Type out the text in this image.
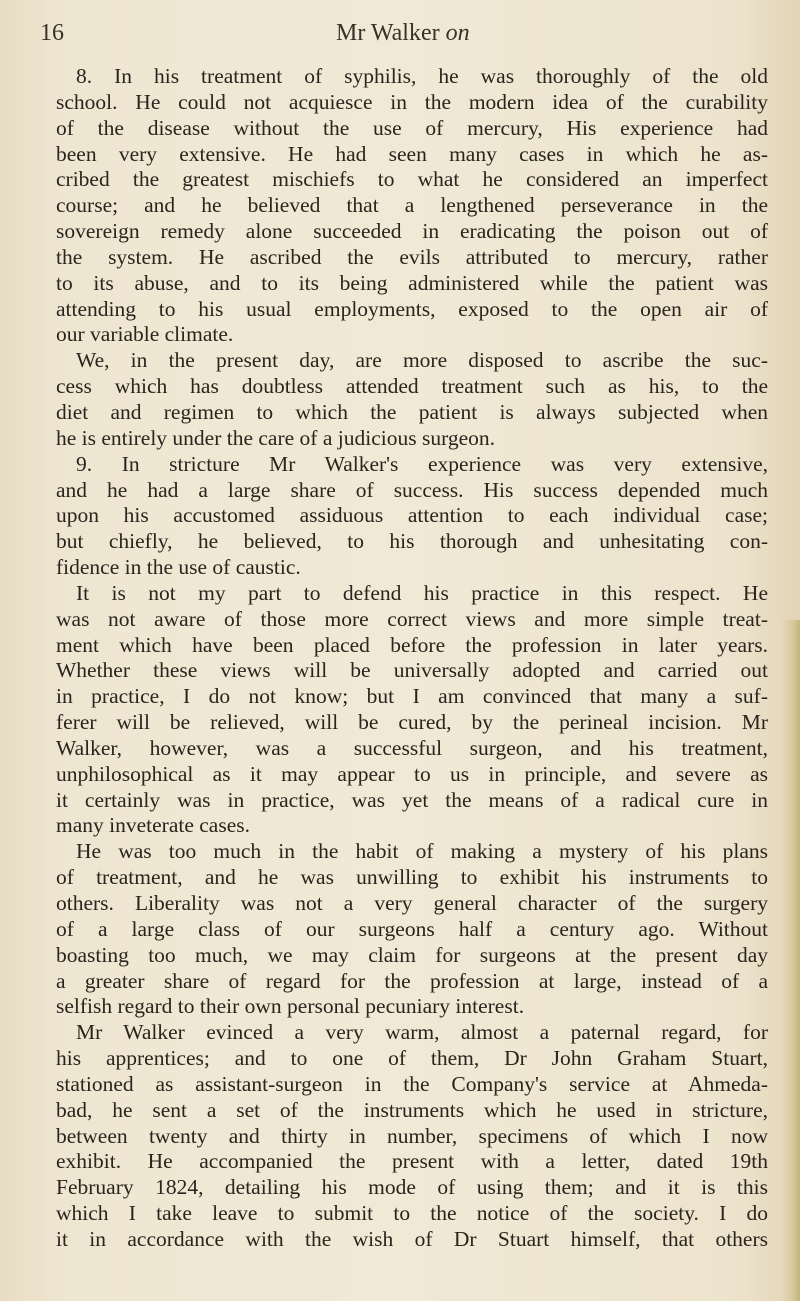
16	Mr Walker on
8. In his treatment of syphilis, he was thoroughly of the old
school. He could not acquiesce in the modern idea of the curability
of the disease without the use of mercury, His experience had
been very extensive. He had seen many cases in which he as-
cribed the greatest mischiefs to what he considered an imperfect
course; and he believed that a lengthened perseverance in the
sovereign remedy alone succeeded in eradicating the poison out of
the system. He ascribed the evils attributed to mercury, rather
to its abuse, and to its being administered while the patient was
attending to his usual employments, exposed to the open air of
our variable climate.
We, in the present day, are more disposed to ascribe the suc-
cess which has doubtless attended treatment such as his, to the
diet and regimen to which the patient is always subjected when
he is entirely under the care of a judicious surgeon.
9. In stricture Mr Walker's experience was very extensive,
and he had a large share of success. His success depended much
upon his accustomed assiduous attention to each individual case;
but chiefly, he believed, to his thorough and unhesitating con-
fidence in the use of caustic.
It is not my part to defend his practice in this respect. He
was not aware of those more correct views and more simple treat-
ment which have been placed before the profession in later years.
Whether these views will be universally adopted and carried out
in practice, I do not know; but I am convinced that many a suf-
ferer will be relieved, will be cured, by the perineal incision. Mr
Walker, however, was a successful surgeon, and his treatment,
unphilosophical as it may appear to us in principle, and severe as
it certainly was in practice, was yet the means of a radical cure in
many inveterate cases.
He was too much in the habit of making a mystery of his plans
of treatment, and he was unwilling to exhibit his instruments to
others. Liberality was not a very general character of the surgery
of a large class of our surgeons half a century ago. Without
boasting too much, we may claim for surgeons at the present day
a greater share of regard for the profession at large, instead of a
selfish regard to their own personal pecuniary interest.
Mr Walker evinced a very warm, almost a paternal regard, for
his apprentices; and to one of them, Dr John Graham Stuart,
stationed as assistant-surgeon in the Company's service at Ahmeda-
bad, he sent a set of the instruments which he used in stricture,
between twenty and thirty in number, specimens of which I now
exhibit. He accompanied the present with a letter, dated 19th
February 1824, detailing his mode of using them; and it is this
which I take leave to submit to the notice of the society. I do
it in accordance with the wish of Dr Stuart himself, that others
